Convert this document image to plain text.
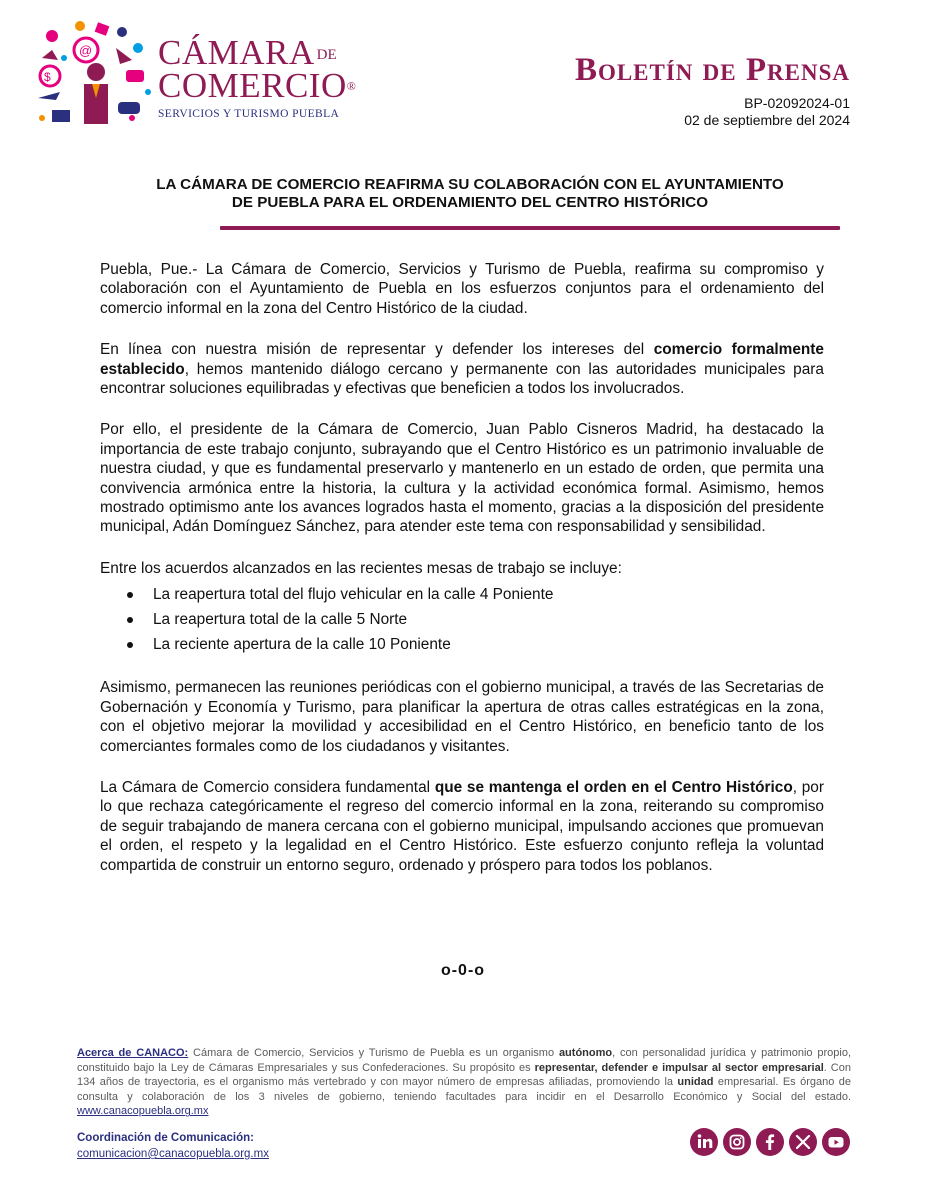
$
@ CÁMARA $^{DE}$
COMERCIO®
SERVICIOS Y TURISMO PUEBLA
Boletín de Prensa
BP-02092024-01
02 de septiembre del 2024
LA CÁMARA DE COMERCIO REAFIRMA SU COLABORACIÓN CON EL AYUNTAMIENTO
DE PUEBLA PARA EL ORDENAMIENTO DEL CENTRO HISTÓRICO

Puebla, Pue.- La Cámara de Comercio, Servicios y Turismo de Puebla, reafirma su compromiso y colaboración con el Ayuntamiento de Puebla en los esfuerzos conjuntos para el ordenamiento del comercio informal en la zona del Centro Histórico de la ciudad.

En línea con nuestra misión de representar y defender los intereses del comercio formalmente establecido, hemos mantenido diálogo cercano y permanente con las autoridades municipales para encontrar soluciones equilibradas y efectivas que beneficien a todos los involucrados.

Por ello, el presidente de la Cámara de Comercio, Juan Pablo Cisneros Madrid, ha destacado la importancia de este trabajo conjunto, subrayando que el Centro Histórico es un patrimonio invaluable de nuestra ciudad, y que es fundamental preservarlo y mantenerlo en un estado de orden, que permita una convivencia armónica entre la historia, la cultura y la actividad económica formal. Asimismo, hemos mostrado optimismo ante los avances logrados hasta el momento, gracias a la disposición del presidente municipal, Adán Domínguez Sánchez, para atender este tema con responsabilidad y sensibilidad.

Entre los acuerdos alcanzados en las recientes mesas de trabajo se incluye:

La reapertura total del flujo vehicular en la calle 4 Poniente
La reapertura total de la calle 5 Norte
La reciente apertura de la calle 10 Poniente

Asimismo, permanecen las reuniones periódicas con el gobierno municipal, a través de las Secretarias de Gobernación y Economía y Turismo, para planificar la apertura de otras calles estratégicas en la zona, con el objetivo mejorar la movilidad y accesibilidad en el Centro Histórico, en beneficio tanto de los comerciantes formales como de los ciudadanos y visitantes.

La Cámara de Comercio considera fundamental que se mantenga el orden en el Centro Histórico, por lo que rechaza categóricamente el regreso del comercio informal en la zona, reiterando su compromiso de seguir trabajando de manera cercana con el gobierno municipal, impulsando acciones que promuevan el orden, el respeto y la legalidad en el Centro Histórico. Este esfuerzo conjunto refleja la voluntad compartida de construir un entorno seguro, ordenado y próspero para todos los poblanos.

o-0-o
Acerca de CANACO: Cámara de Comercio, Servicios y Turismo de Puebla es un organismo autónomo, con personalidad jurídica y patrimonio propio, constituido bajo la Ley de Cámaras Empresariales y sus Confederaciones. Su propósito es representar, defender e impulsar al sector empresarial. Con 134 años de trayectoria, es el organismo más vertebrado y con mayor número de empresas afiliadas, promoviendo la unidad empresarial. Es órgano de consulta y colaboración de los 3 niveles de gobierno, teniendo facultades para incidir en el Desarrollo Económico y Social del estado. www.canacopuebla.org.mx
Coordinación de Comunicación:
comunicacion@canacopuebla.org.mx
